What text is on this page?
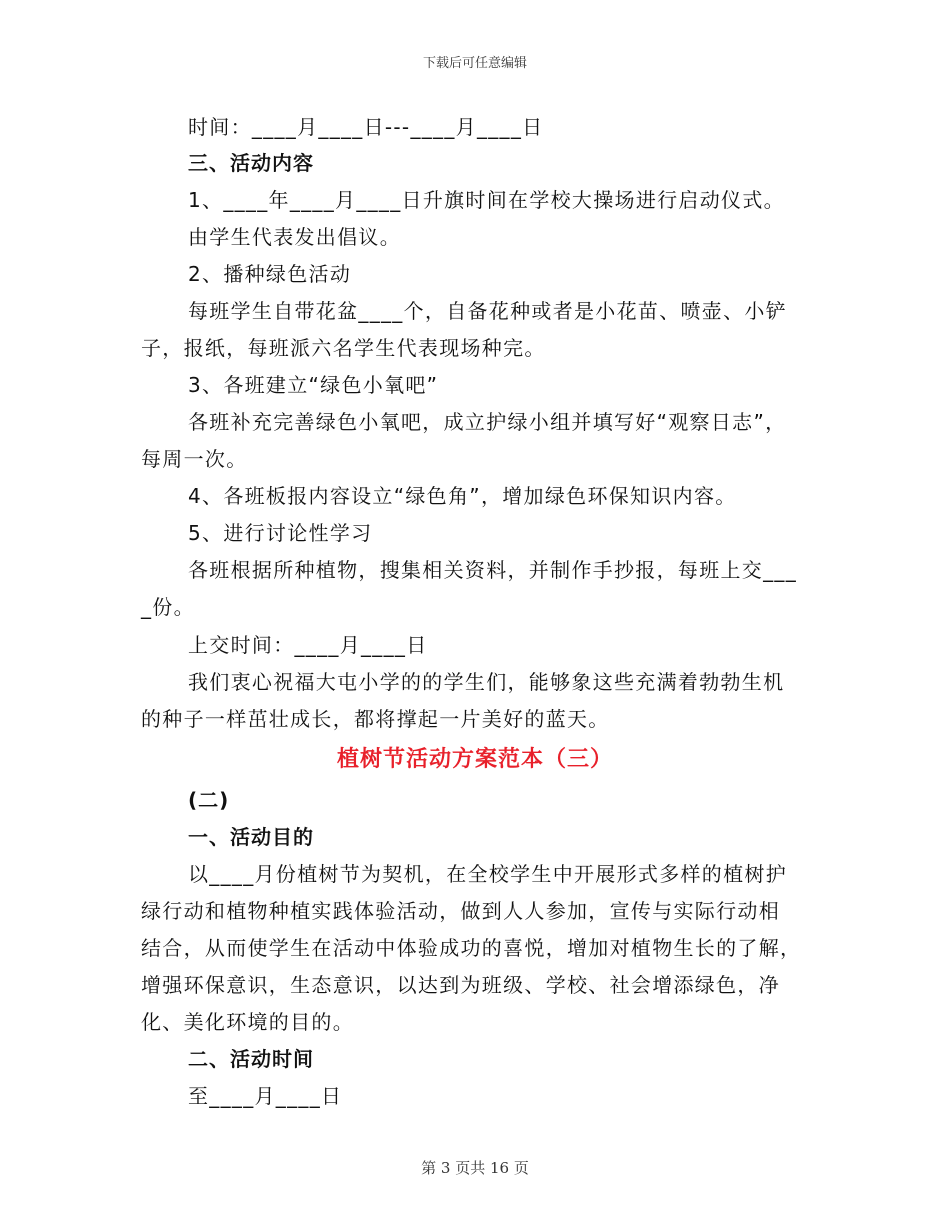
下载后可任意编辑
时间：____月____日---____月____日
三、活动内容
1、____年____月____日升旗时间在学校大操场进行启动仪式。
由学生代表发出倡议。
2、播种绿色活动
每班学生自带花盆____个，自备花种或者是小花苗、喷壶、小铲
子，报纸，每班派六名学生代表现场种完。
3、各班建立“绿色小氧吧”
各班补充完善绿色小氧吧，成立护绿小组并填写好“观察日志”，
每周一次。
4、各班板报内容设立“绿色角”，增加绿色环保知识内容。
5、进行讨论性学习
各班根据所种植物，搜集相关资料，并制作手抄报，每班上交___
_份。
上交时间：____月____日
我们衷心祝福大屯小学的的学生们，能够象这些充满着勃勃生机
的种子一样茁壮成长，都将撑起一片美好的蓝天。
植树节活动方案范本（三）
(二)
一、活动目的
以____月份植树节为契机，在全校学生中开展形式多样的植树护
绿行动和植物种植实践体验活动，做到人人参加，宣传与实际行动相
结合，从而使学生在活动中体验成功的喜悦，增加对植物生长的了解，
增强环保意识，生态意识，以达到为班级、学校、社会增添绿色，净
化、美化环境的目的。
二、活动时间
至____月____日
第 3 页共 16 页
